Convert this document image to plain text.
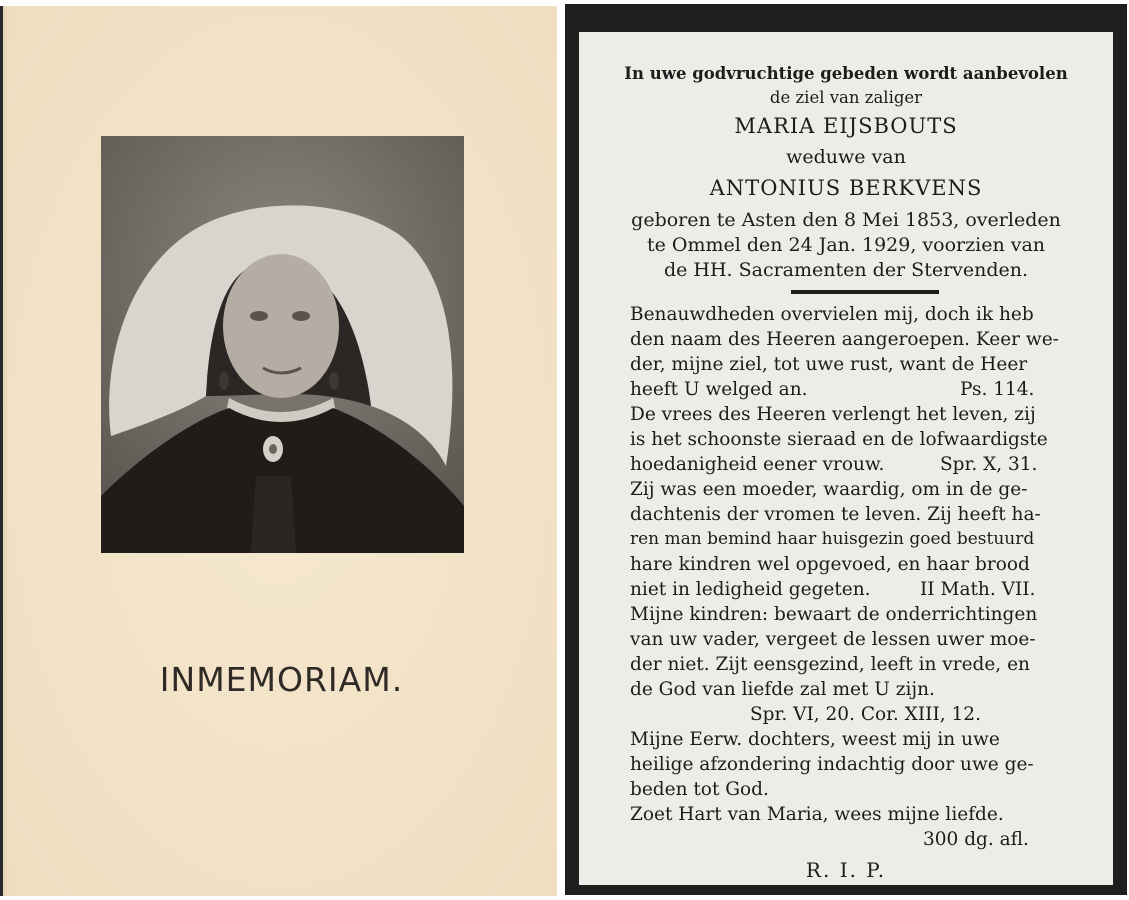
INMEMORIAM.
In uwe godvruchtige gebeden wordt aanbevolen
de ziel van zaliger
MARIA EIJSBOUTS
weduwe van
ANTONIUS BERKVENS
geboren te Asten den 8 Mei 1853, overleden
te Ommel den 24 Jan. 1929, voorzien van
de HH. Sacramenten der Stervenden.
Benauwdheden overvielen mij, doch ik heb
den naam des Heeren aangeroepen. Keer we-
der, mijne ziel, tot uwe rust, want de Heer
heeft U welged an.	Ps. 114.
De vrees des Heeren verlengt het leven, zij
is het schoonste sieraad en de lofwaardigste
hoedanigheid eener vrouw.	Spr. X, 31.
Zij was een moeder, waardig, om in de ge-
dachtenis der vromen te leven. Zij heeft ha-
ren man bemind haar huisgezin goed bestuurd
hare kindren wel opgevoed, en haar brood
niet in ledigheid gegeten.	II Math. VII.
Mijne kindren: bewaart de onderrichtingen
van uw vader, vergeet de lessen uwer moe-
der niet. Zijt eensgezind, leeft in vrede, en
de God van liefde zal met U zijn.
Spr. VI, 20. Cor. XIII, 12.
Mijne Eerw. dochters, weest mij in uwe
heilige afzondering indachtig door uwe ge-
beden tot God.
Zoet Hart van Maria, wees mijne liefde.
300 dg. afl.
R. I. P.
